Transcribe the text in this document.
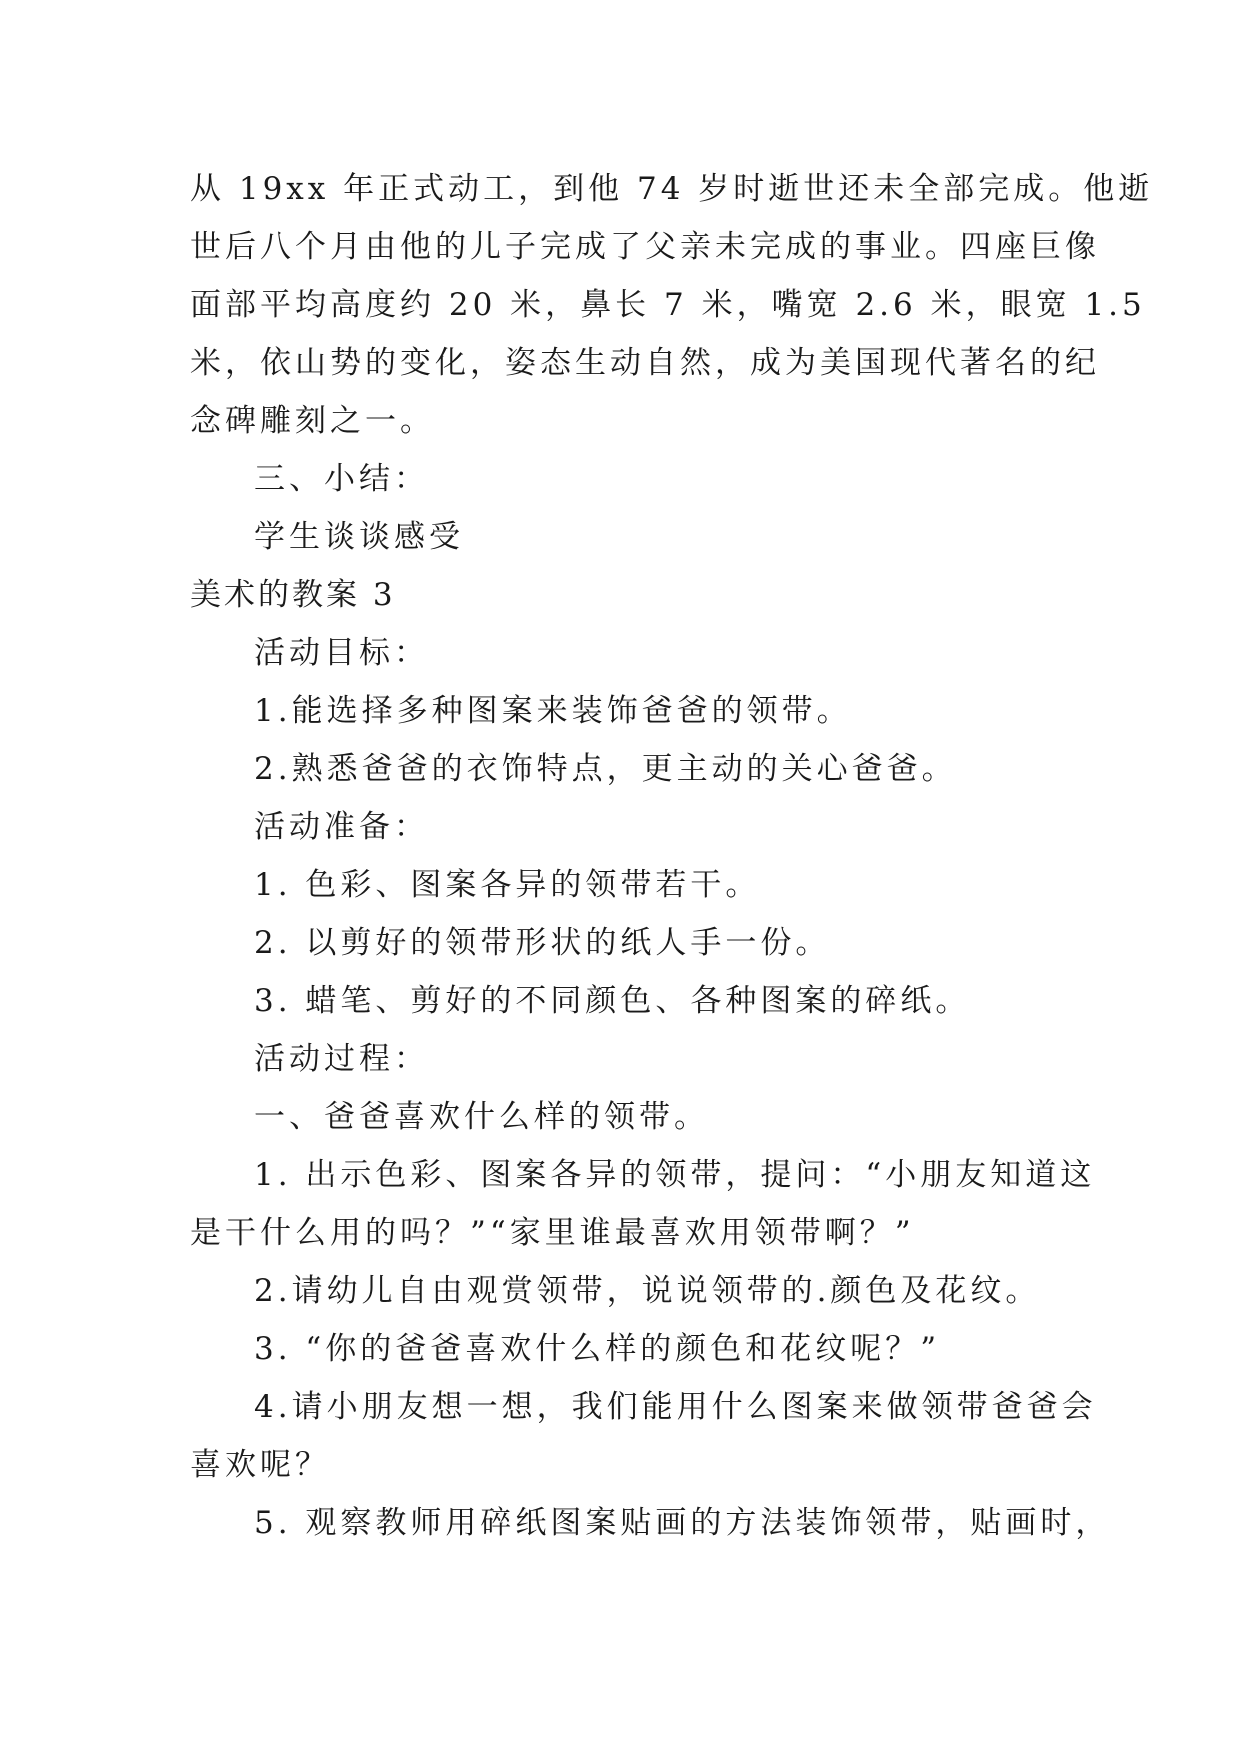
从 19xx 年正式动工，到他 74 岁时逝世还未全部完成。他逝
世后八个月由他的儿子完成了父亲未完成的事业。四座巨像
面部平均高度约 20 米，鼻长 7 米，嘴宽 2.6 米，眼宽 1.5
米，依山势的变化，姿态生动自然，成为美国现代著名的纪
念碑雕刻之一。
三、小结：
学生谈谈感受
美术的教案 3
活动目标：
1.能选择多种图案来装饰爸爸的领带。
2.熟悉爸爸的衣饰特点，更主动的关心爸爸。
活动准备：
1. 色彩、图案各异的领带若干。
2. 以剪好的领带形状的纸人手一份。
3. 蜡笔、剪好的不同颜色、各种图案的碎纸。
活动过程：
一、爸爸喜欢什么样的领带。
1. 出示色彩、图案各异的领带，提问：“小朋友知道这
是干什么用的吗？”“家里谁最喜欢用领带啊？”
2.请幼儿自由观赏领带，说说领带的.颜色及花纹。
3. “你的爸爸喜欢什么样的颜色和花纹呢？”
4.请小朋友想一想，我们能用什么图案来做领带爸爸会
喜欢呢？
5. 观察教师用碎纸图案贴画的方法装饰领带，贴画时，
